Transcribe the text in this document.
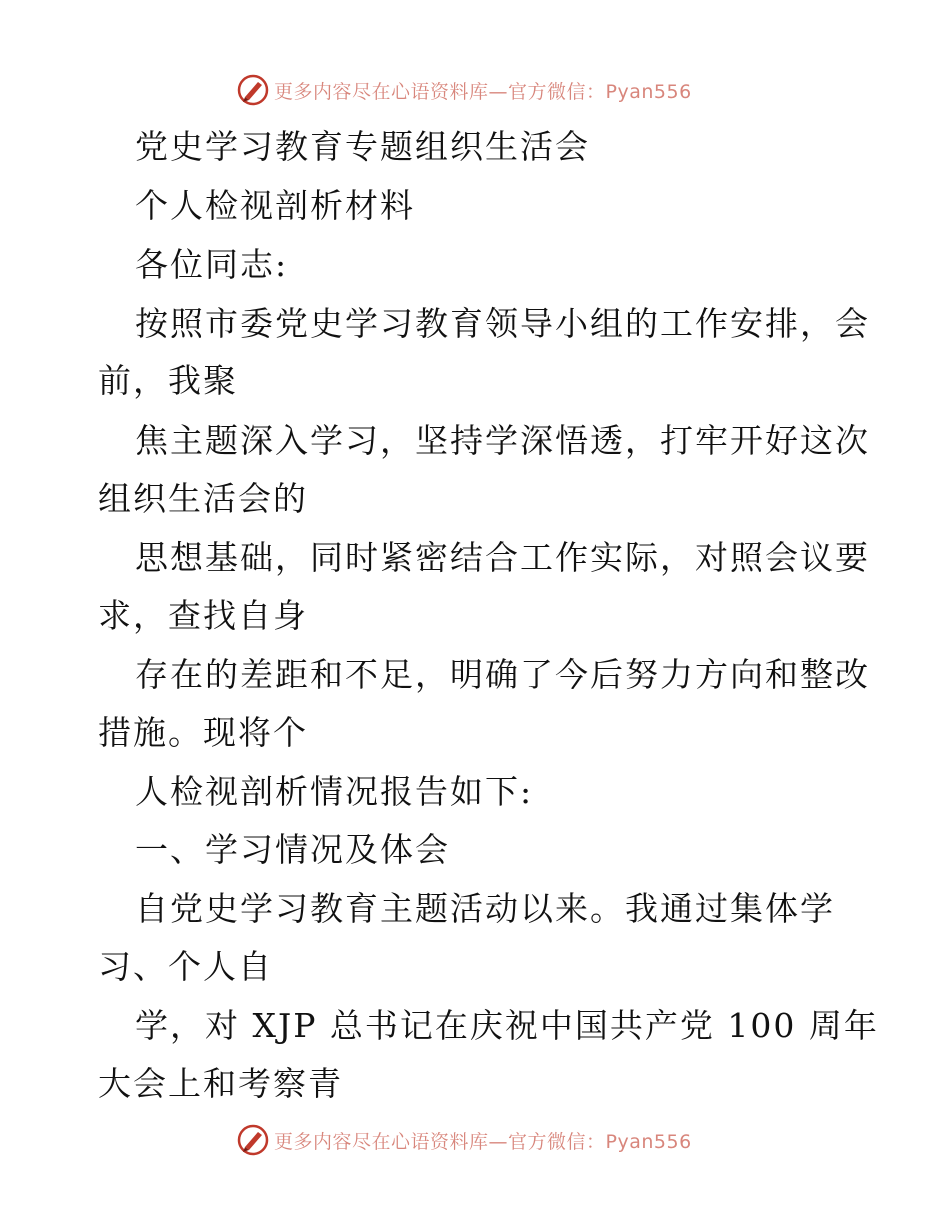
更多内容尽在心语资料库—官方微信：Pyan556
党史学习教育专题组织生活会
个人检视剖析材料
各位同志:
按照市委党史学习教育领导小组的工作安排，会
前，我聚
焦主题深入学习，坚持学深悟透，打牢开好这次
组织生活会的
思想基础，同时紧密结合工作实际，对照会议要
求，查找自身
存在的差距和不足，明确了今后努力方向和整改
措施。现将个
人检视剖析情况报告如下:
一、学习情况及体会
自党史学习教育主题活动以来。我通过集体学
习、个人自
学，对 XJP 总书记在庆祝中国共产党 100 周年
大会上和考察青
更多内容尽在心语资料库—官方微信：Pyan556
